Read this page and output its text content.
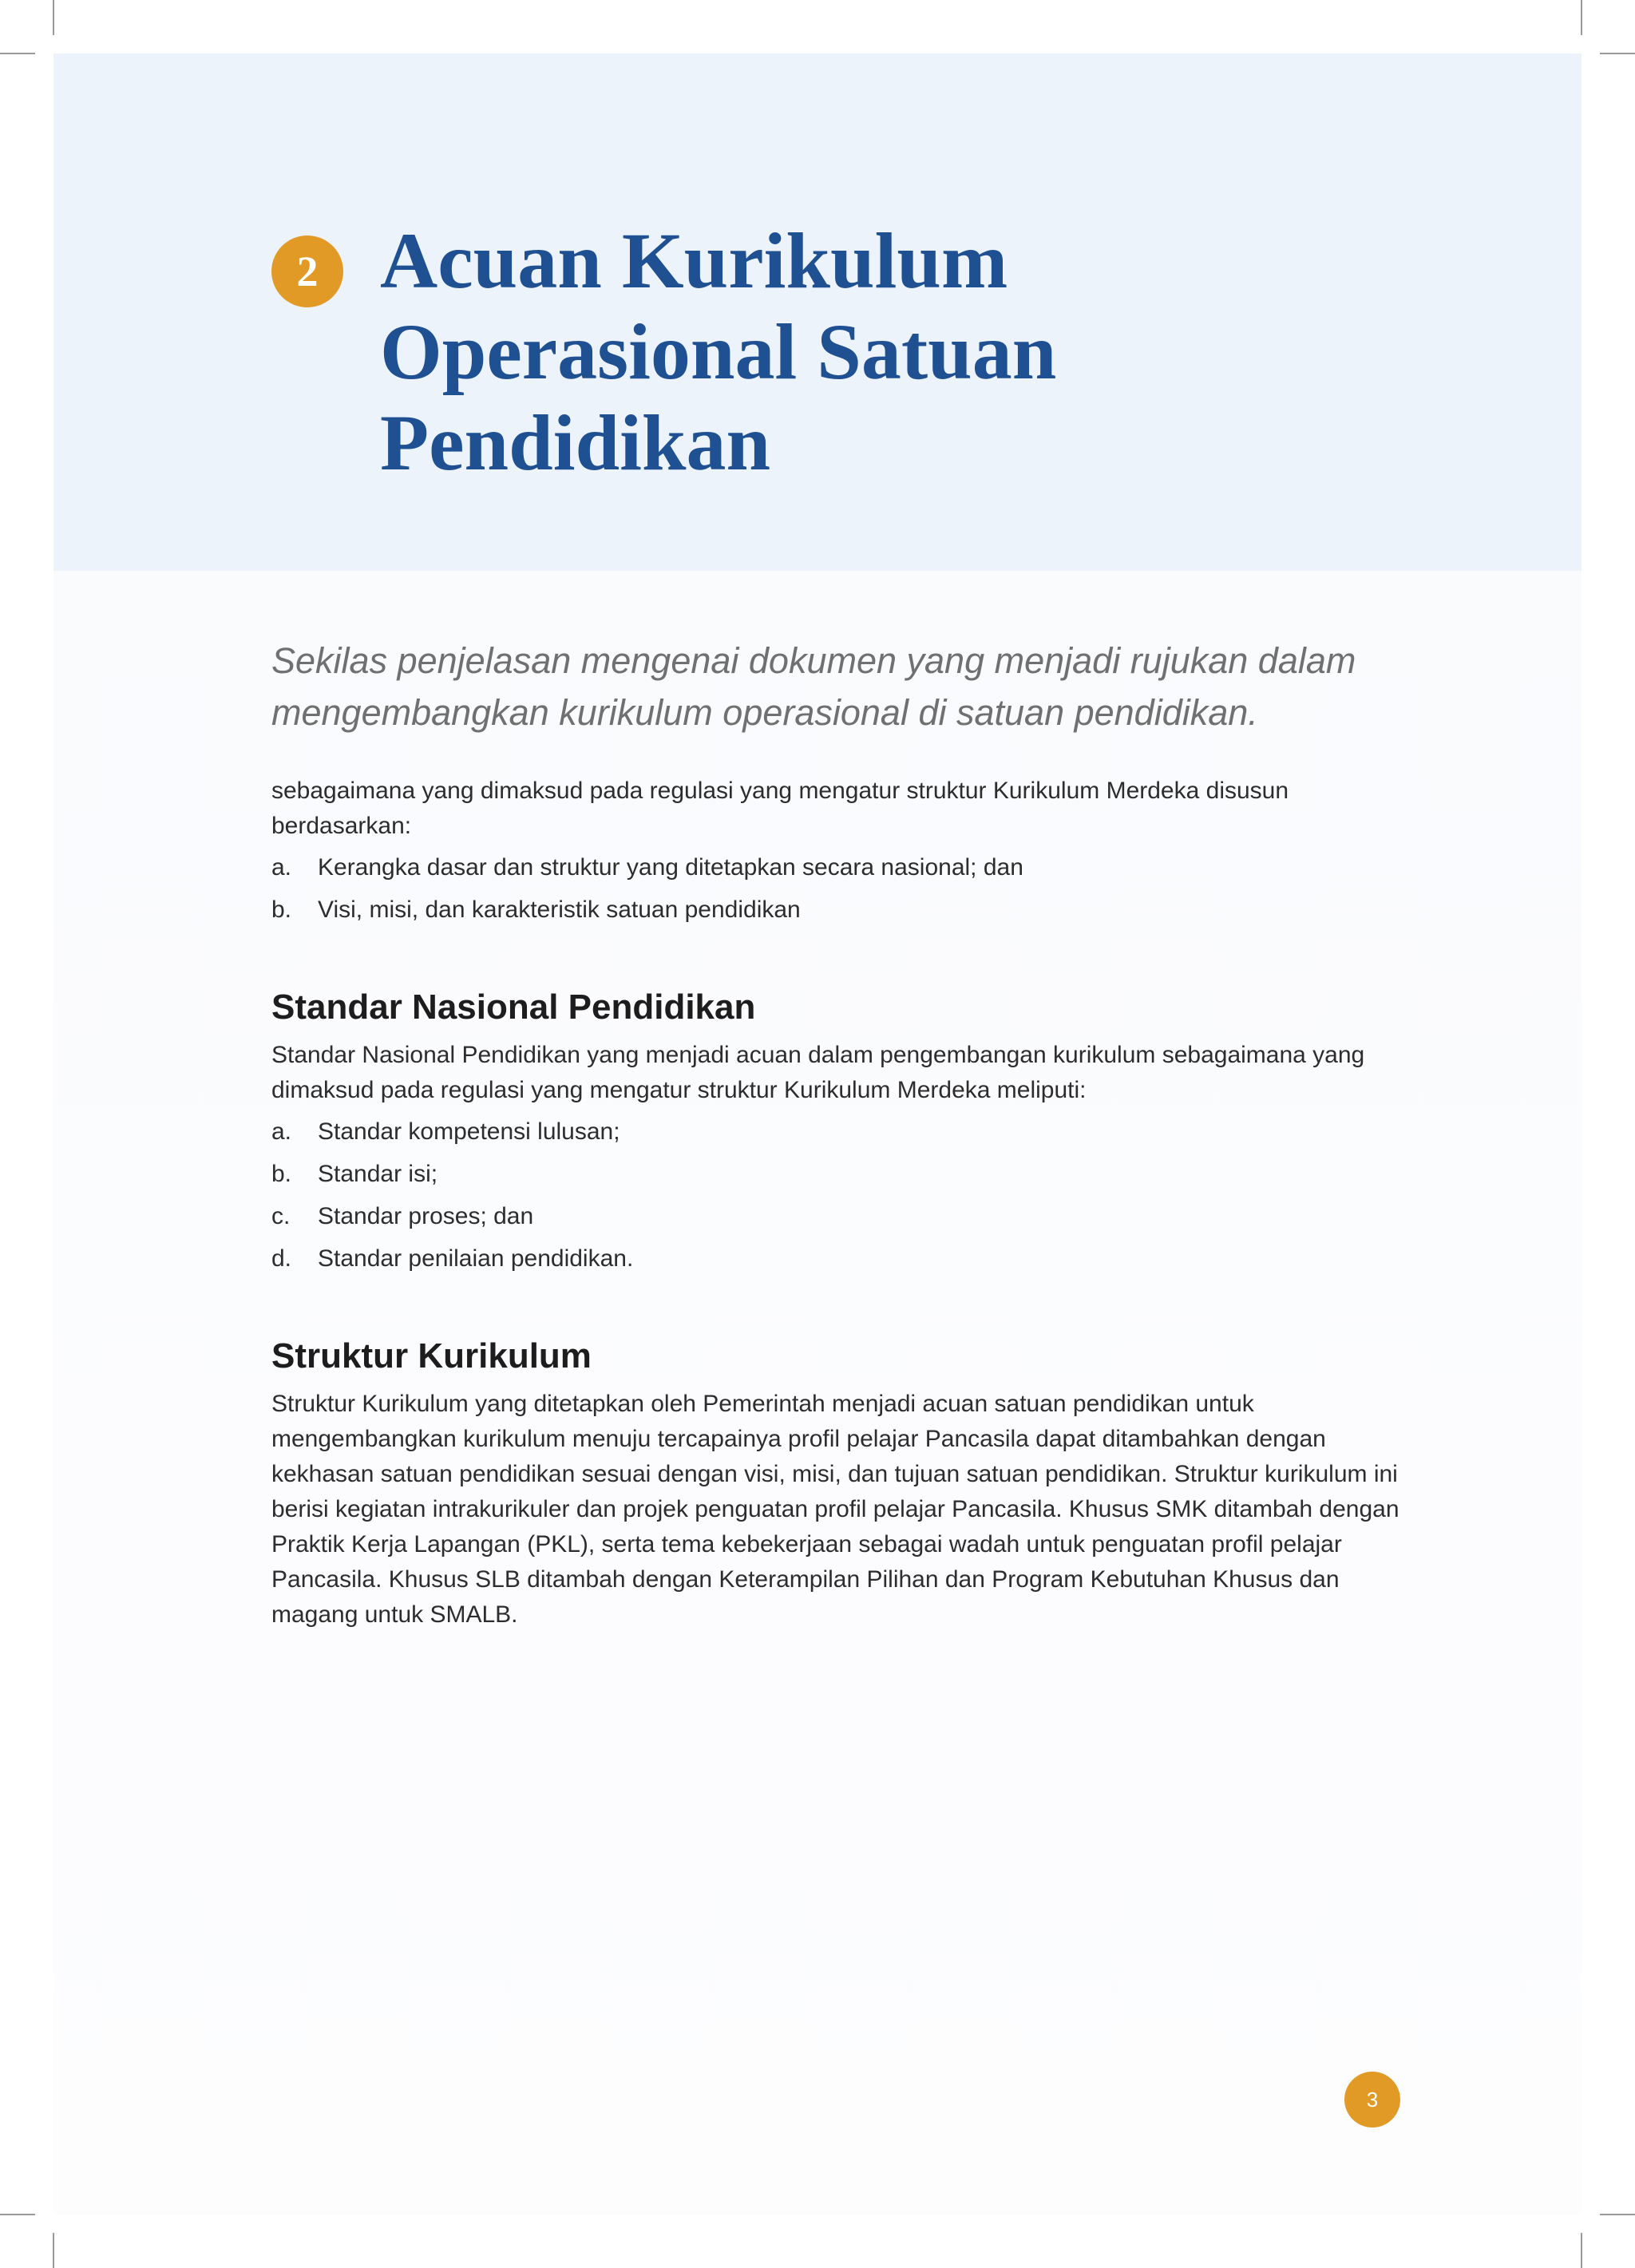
2 Acuan Kurikulum
Operasional Satuan
Pendidikan

Sekilas penjelasan mengenai dokumen yang menjadi rujukan dalam
mengembangkan kurikulum operasional di satuan pendidikan.

sebagaimana yang dimaksud pada regulasi yang mengatur struktur Kurikulum Merdeka disusun berdasarkan:

a. Kerangka dasar dan struktur yang ditetapkan secara nasional; dan
b. Visi, misi, dan karakteristik satuan pendidikan
Standar Nasional Pendidikan

Standar Nasional Pendidikan yang menjadi acuan dalam pengembangan kurikulum sebagaimana yang dimaksud pada regulasi yang mengatur struktur Kurikulum Merdeka meliputi:

a. Standar kompetensi lulusan;
b. Standar isi;
c. Standar proses; dan
d. Standar penilaian pendidikan.
Struktur Kurikulum

Struktur Kurikulum yang ditetapkan oleh Pemerintah menjadi acuan satuan pendidikan untuk mengembangkan kurikulum menuju tercapainya profil pelajar Pancasila dapat ditambahkan dengan kekhasan satuan pendidikan sesuai dengan visi, misi, dan tujuan satuan pendidikan. Struktur kurikulum ini berisi kegiatan intrakurikuler dan projek penguatan profil pelajar Pancasila. Khusus SMK ditambah dengan Praktik Kerja Lapangan (PKL), serta tema kebekerjaan sebagai wadah untuk penguatan profil pelajar Pancasila. Khusus SLB ditambah dengan Keterampilan Pilihan dan Program Kebutuhan Khusus dan magang untuk SMALB.

3
